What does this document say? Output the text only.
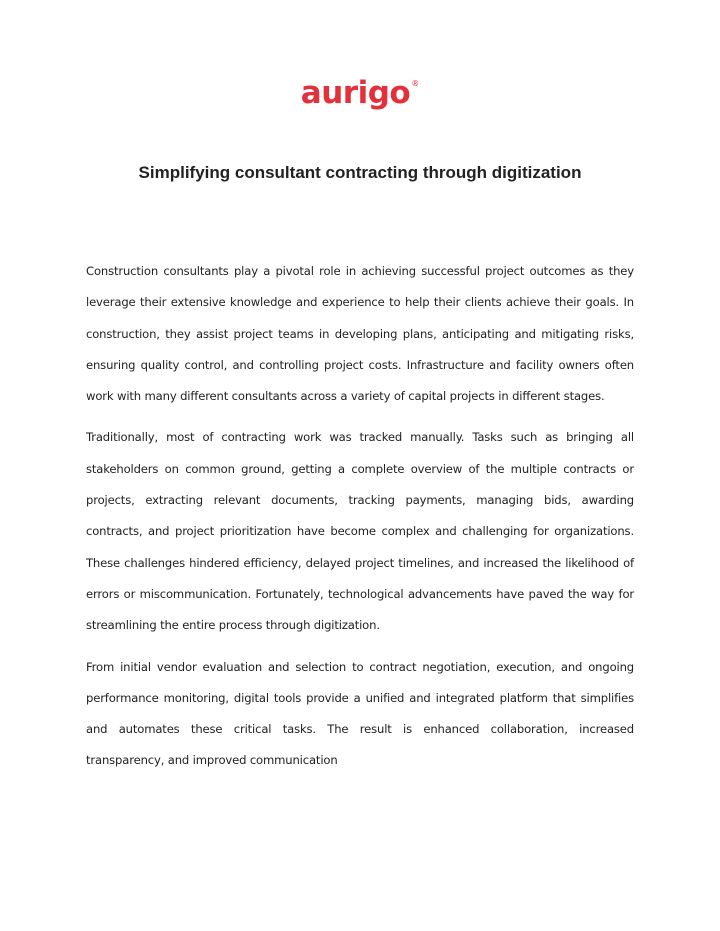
aurigo®
Simplifying consultant contracting through digitization

Construction consultants play a pivotal role in achieving successful project outcomes as they leverage their extensive knowledge and experience to help their clients achieve their goals. In construction, they assist project teams in developing plans, anticipating and mitigating risks, ensuring quality control, and controlling project costs. Infrastructure and facility owners often work with many different consultants across a variety of capital projects in different stages.

Traditionally, most of contracting work was tracked manually. Tasks such as bringing all stakeholders on common ground, getting a complete overview of the multiple contracts or projects, extracting relevant documents, tracking payments, managing bids, awarding contracts, and project prioritization have become complex and challenging for organizations. These challenges hindered efficiency, delayed project timelines, and increased the likelihood of errors or miscommunication. Fortunately, technological advancements have paved the way for streamlining the entire process through digitization.

From initial vendor evaluation and selection to contract negotiation, execution, and ongoing performance monitoring, digital tools provide a unified and integrated platform that simplifies and automates these critical tasks. The result is enhanced collaboration, increased transparency, and improved communication
